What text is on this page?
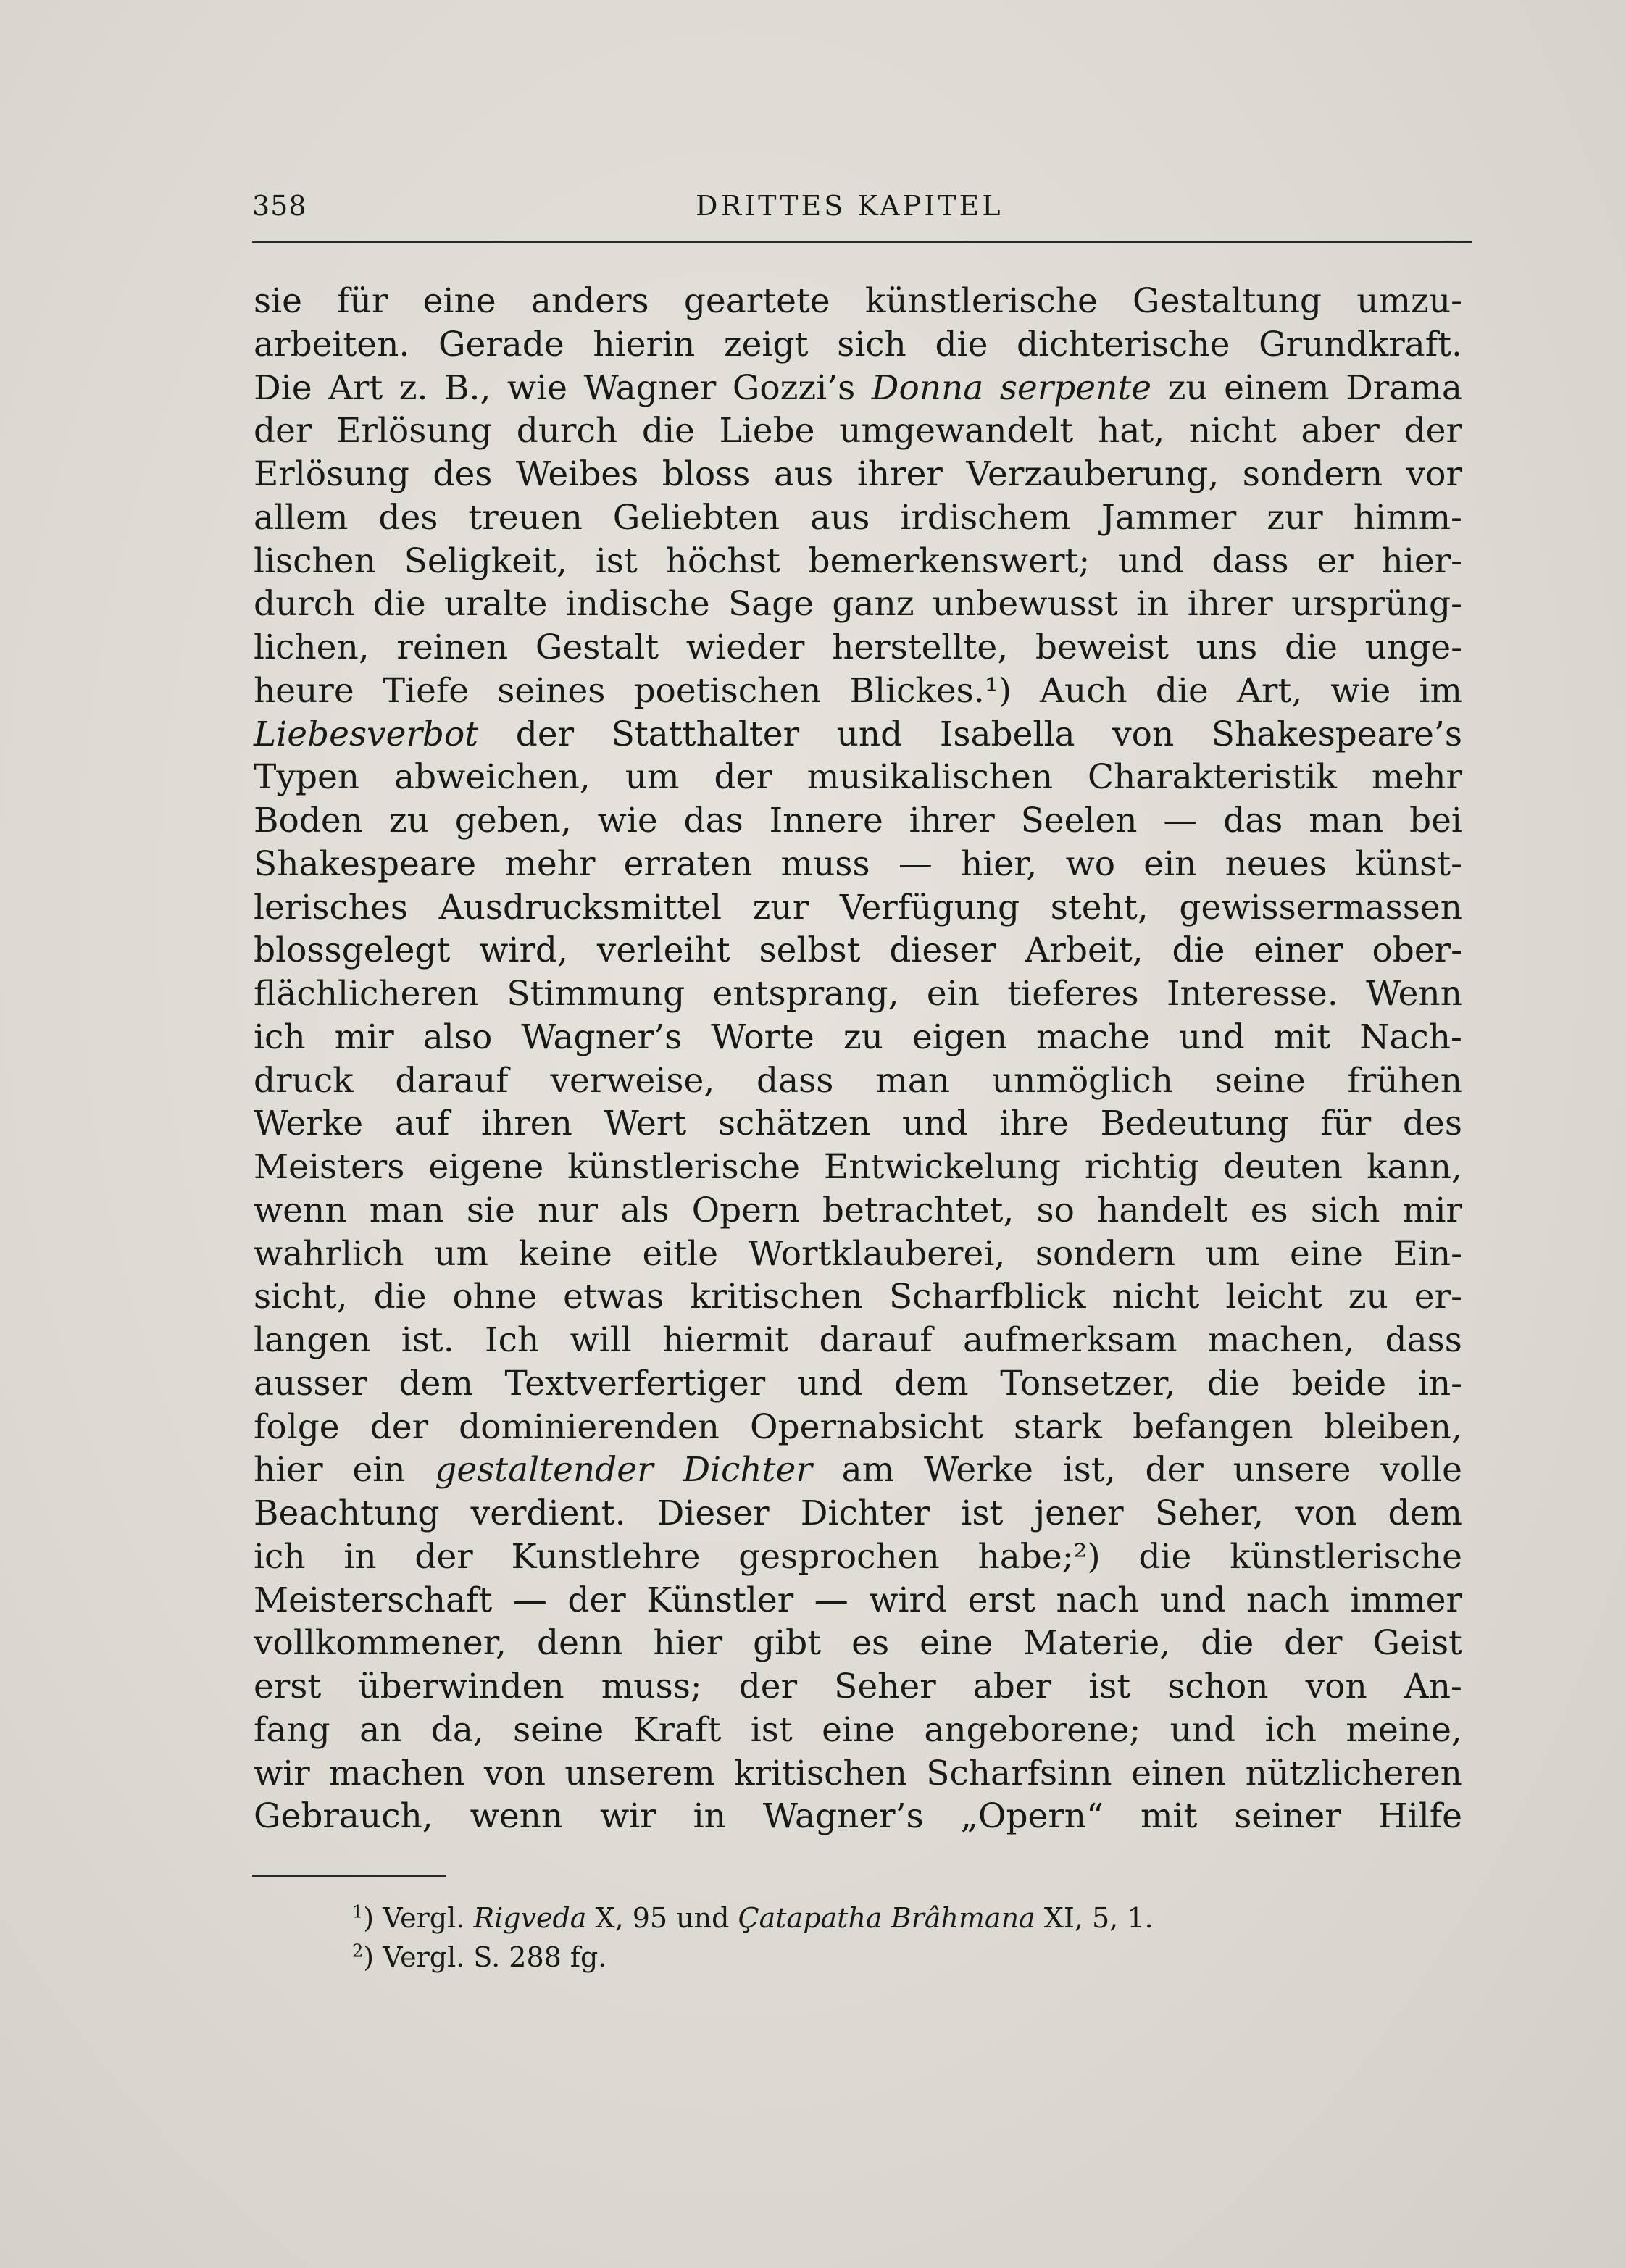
358	DRITTES KAPITEL
sie für eine anders geartete künstlerische Gestaltung umzu-
arbeiten. Gerade hierin zeigt sich die dichterische Grundkraft.
Die Art z. B., wie Wagner Gozzi’s Donna serpente zu einem Drama
der Erlösung durch die Liebe umgewandelt hat, nicht aber der
Erlösung des Weibes bloss aus ihrer Verzauberung, sondern vor
allem des treuen Geliebten aus irdischem Jammer zur himm-
lischen Seligkeit, ist höchst bemerkenswert; und dass er hier-
durch die uralte indische Sage ganz unbewusst in ihrer ursprüng-
lichen, reinen Gestalt wieder herstellte, beweist uns die unge-
heure Tiefe seines poetischen Blickes.¹) Auch die Art, wie im
Liebesverbot der Statthalter und Isabella von Shakespeare’s
Typen abweichen, um der musikalischen Charakteristik mehr
Boden zu geben, wie das Innere ihrer Seelen — das man bei
Shakespeare mehr erraten muss — hier, wo ein neues künst-
lerisches Ausdrucksmittel zur Verfügung steht, gewissermassen
blossgelegt wird, verleiht selbst dieser Arbeit, die einer ober-
flächlicheren Stimmung entsprang, ein tieferes Interesse. Wenn
ich mir also Wagner’s Worte zu eigen mache und mit Nach-
druck darauf verweise, dass man unmöglich seine frühen
Werke auf ihren Wert schätzen und ihre Bedeutung für des
Meisters eigene künstlerische Entwickelung richtig deuten kann,
wenn man sie nur als Opern betrachtet, so handelt es sich mir
wahrlich um keine eitle Wortklauberei, sondern um eine Ein-
sicht, die ohne etwas kritischen Scharfblick nicht leicht zu er-
langen ist. Ich will hiermit darauf aufmerksam machen, dass
ausser dem Textverfertiger und dem Tonsetzer, die beide in-
folge der dominierenden Opernabsicht stark befangen bleiben,
hier ein gestaltender Dichter am Werke ist, der unsere volle
Beachtung verdient. Dieser Dichter ist jener Seher, von dem
ich in der Kunstlehre gesprochen habe;²) die künstlerische
Meisterschaft — der Künstler — wird erst nach und nach immer
vollkommener, denn hier gibt es eine Materie, die der Geist
erst überwinden muss; der Seher aber ist schon von An-
fang an da, seine Kraft ist eine angeborene; und ich meine,
wir machen von unserem kritischen Scharfsinn einen nützlicheren
Gebrauch, wenn wir in Wagner’s „Opern“ mit seiner Hilfe
$^1$) Vergl. Rigveda X, 95 und Çatapatha Brâhmana XI, 5, 1.
$^2$) Vergl. S. 288 fg.
